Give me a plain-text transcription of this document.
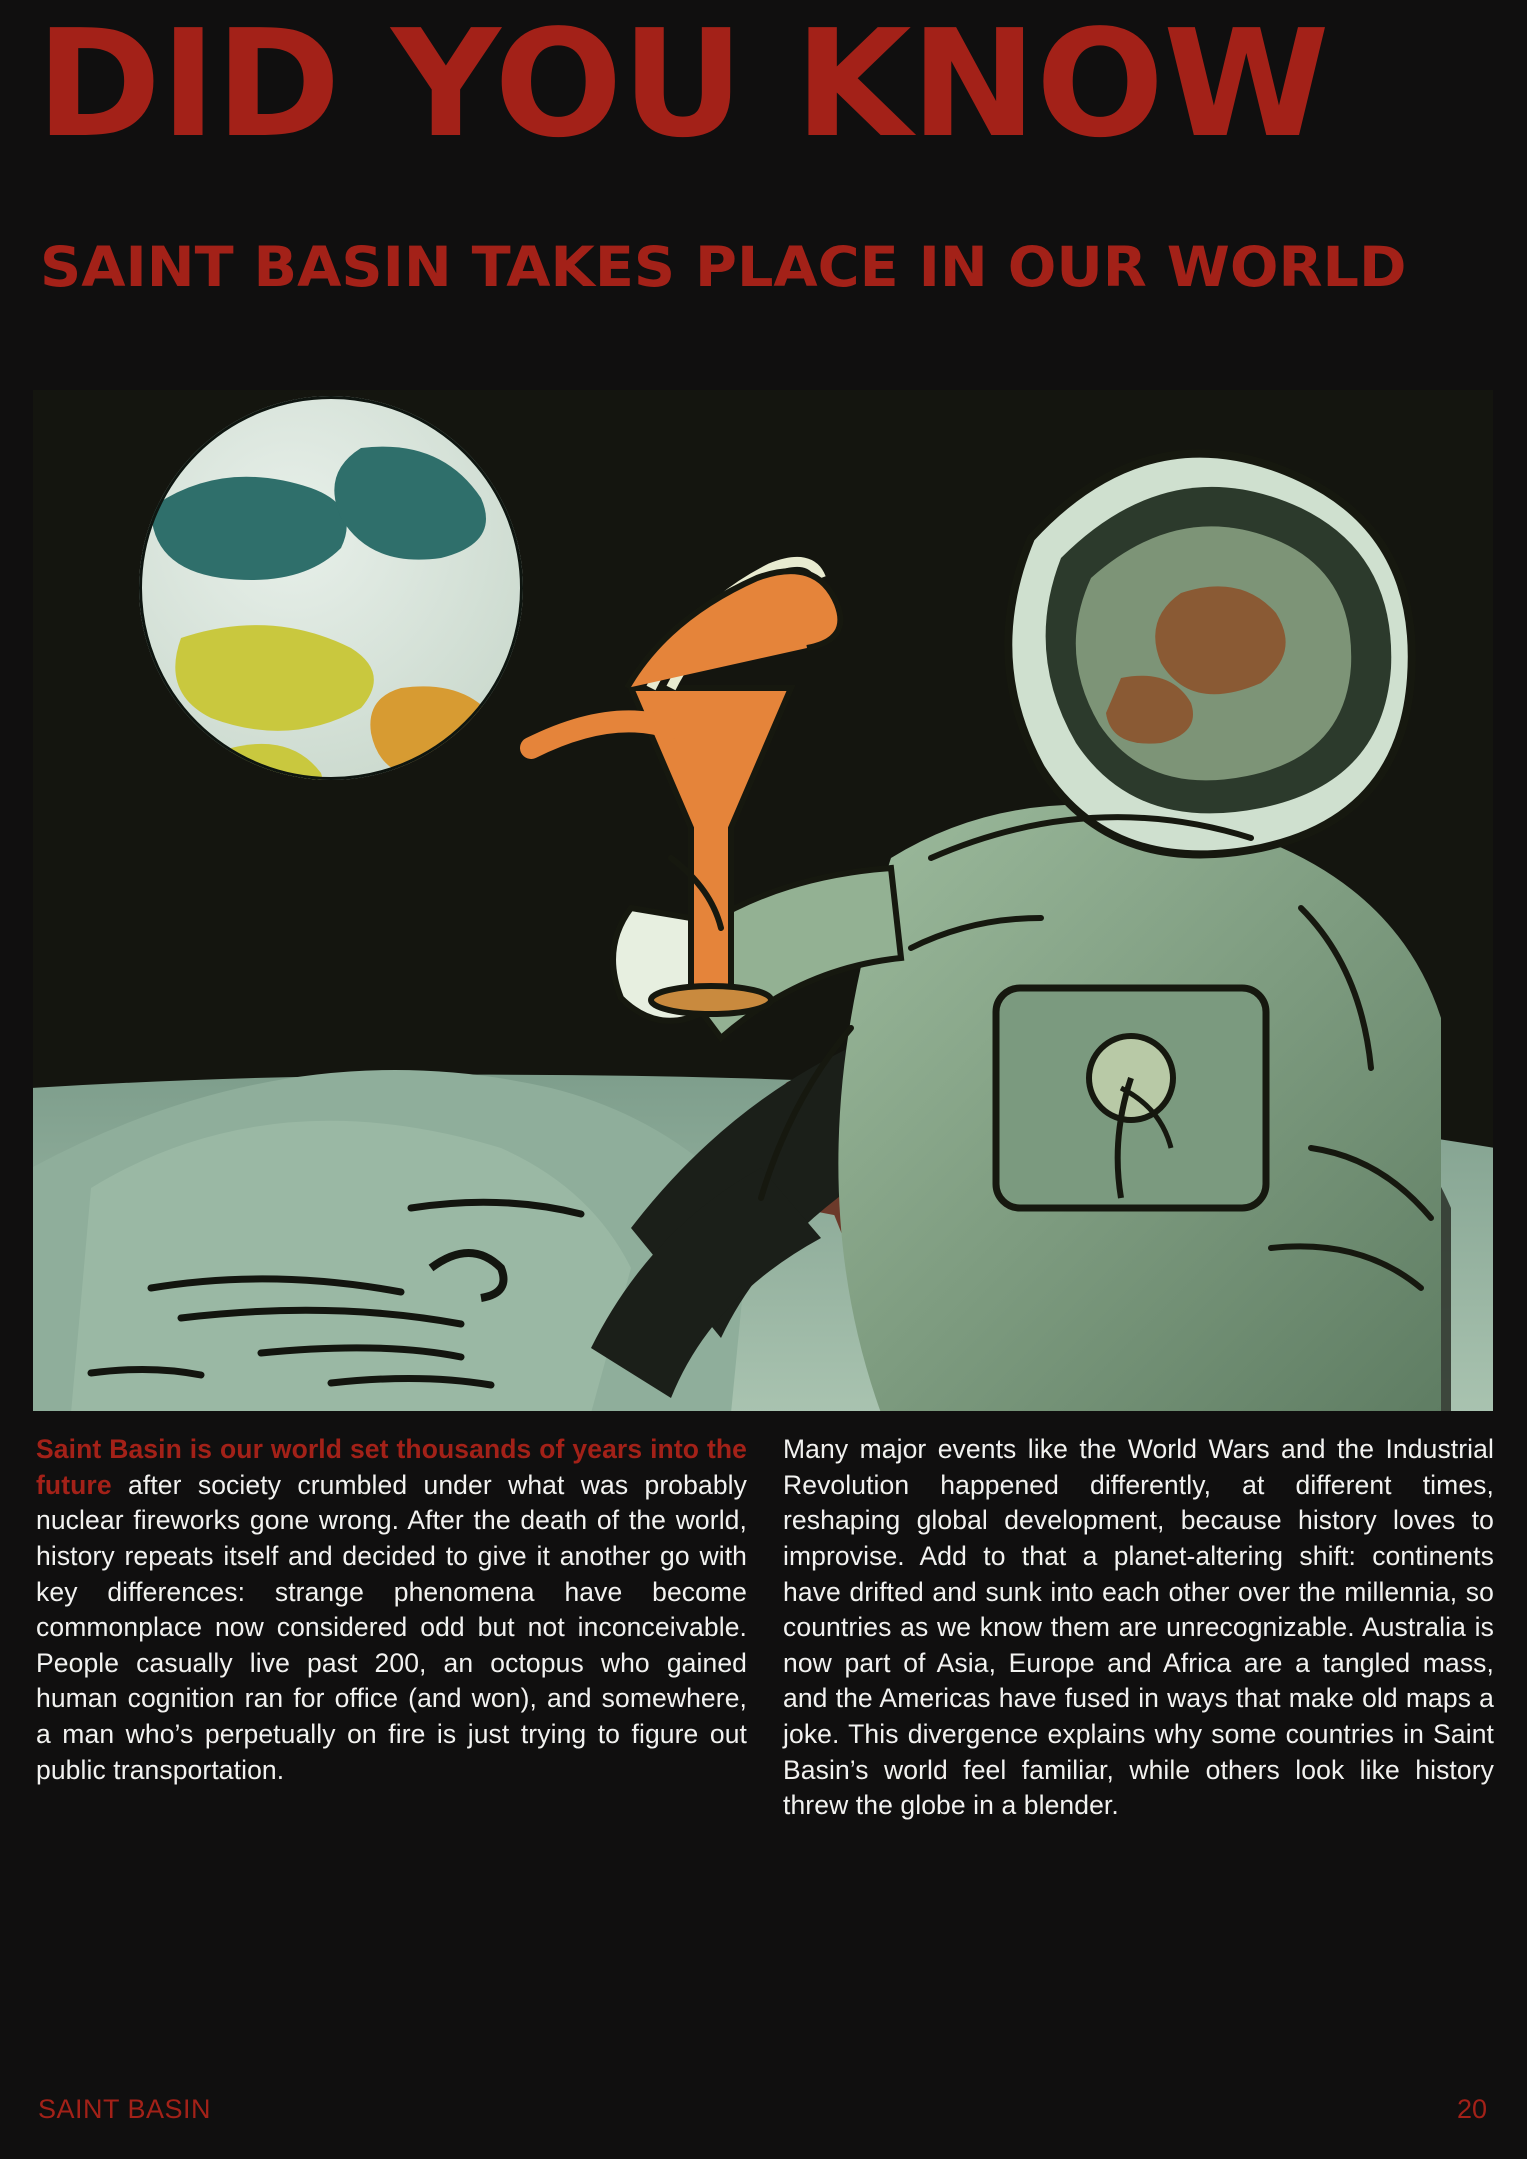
DID YOU KNOW
SAINT BASIN TAKES PLACE IN OUR WORLD

Saint Basin is our world set thousands of years into the future after society crumbled under what was probably nuclear fireworks gone wrong. After the death of the world, history repeats itself and decided to give it another go with key differences: strange phenomena have become commonplace now considered odd but not inconceivable. People casually live past 200, an octopus who gained human cognition ran for office (and won), and somewhere, a man who’s perpetually on fire is just trying to figure out public transportation.

Many major events like the World Wars and the Industrial Revolution happened differently, at different times, reshaping global development, because history loves to improvise. Add to that a planet-altering shift: continents have drifted and sunk into each other over the millennia, so countries as we know them are unrecognizable. Australia is now part of Asia, Europe and Africa are a tangled mass, and the Americas have fused in ways that make old maps a joke. This divergence explains why some countries in Saint Basin’s world feel familiar, while others look like history threw the globe in a blender.

SAINT BASIN	20
